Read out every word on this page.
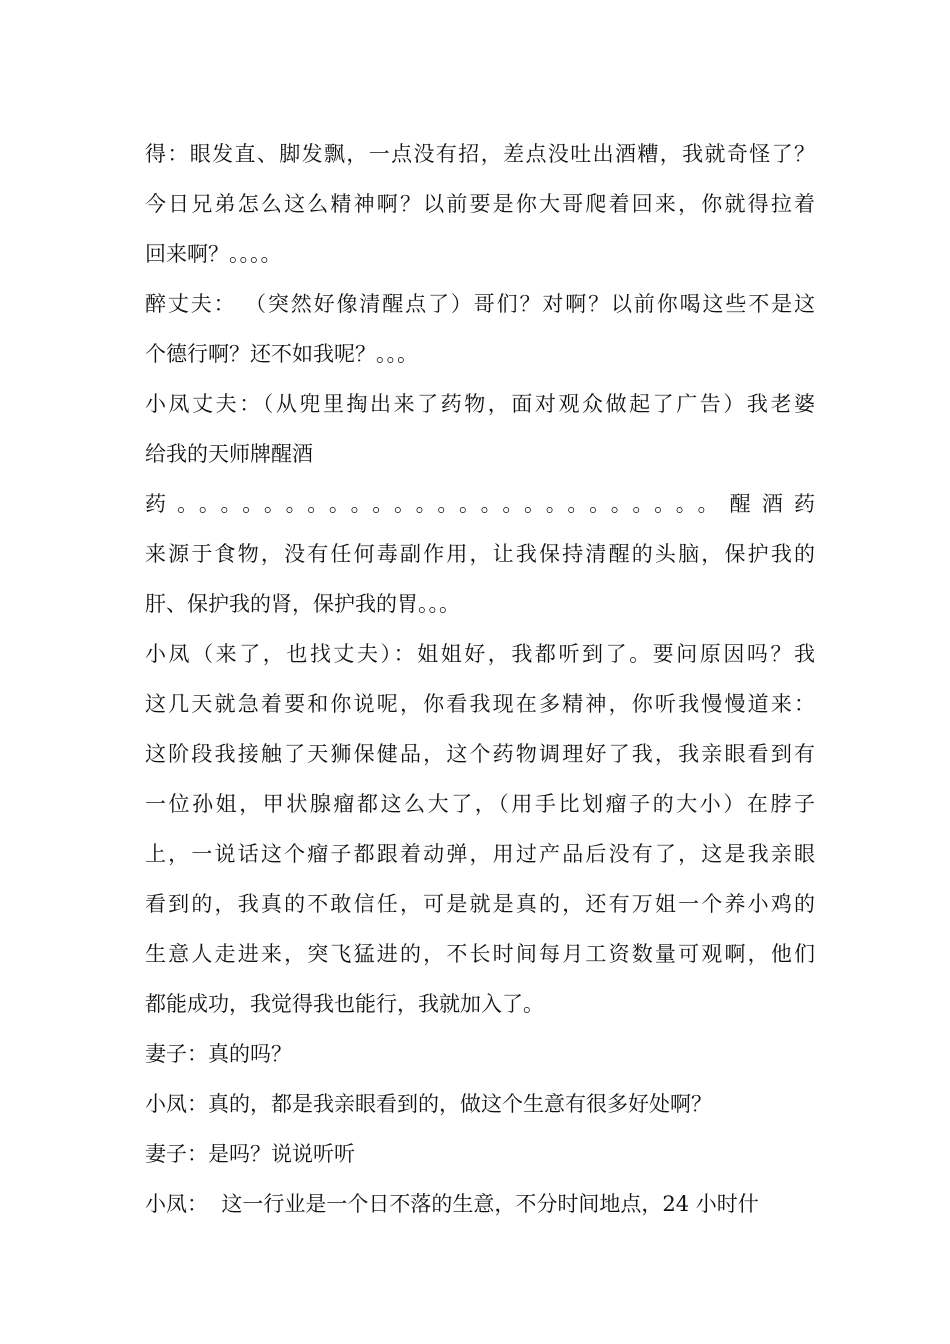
得：眼发直、脚发飘，一点没有招，差点没吐出酒糟，我就奇怪了？
今日兄弟怎么这么精神啊？以前要是你大哥爬着回来，你就得拉着
回来啊？。。。。
醉丈夫： （突然好像清醒点了）哥们？对啊？以前你喝这些不是这
个德行啊？还不如我呢？。。。
小凤丈夫：（从兜里掏出来了药物，面对观众做起了广告）我老婆
给我的天师牌醒酒
药。。。。。。。。。。。。。。。。。。。。。。。。。醒酒药
来源于食物，没有任何毒副作用，让我保持清醒的头脑，保护我的
肝、保护我的肾，保护我的胃。。。
小凤（来了，也找丈夫）：姐姐好，我都听到了。要问原因吗？我
这几天就急着要和你说呢，你看我现在多精神，你听我慢慢道来：
这阶段我接触了天狮保健品，这个药物调理好了我，我亲眼看到有
一位孙姐，甲状腺瘤都这么大了，（用手比划瘤子的大小）在脖子
上，一说话这个瘤子都跟着动弹，用过产品后没有了，这是我亲眼
看到的，我真的不敢信任，可是就是真的，还有万姐一个养小鸡的
生意人走进来，突飞猛进的，不长时间每月工资数量可观啊，他们
都能成功，我觉得我也能行，我就加入了。
妻子：真的吗？
小凤：真的，都是我亲眼看到的，做这个生意有很多好处啊？
妻子：是吗？说说听听
小凤：  这一行业是一个日不落的生意，不分时间地点，24 小时什
